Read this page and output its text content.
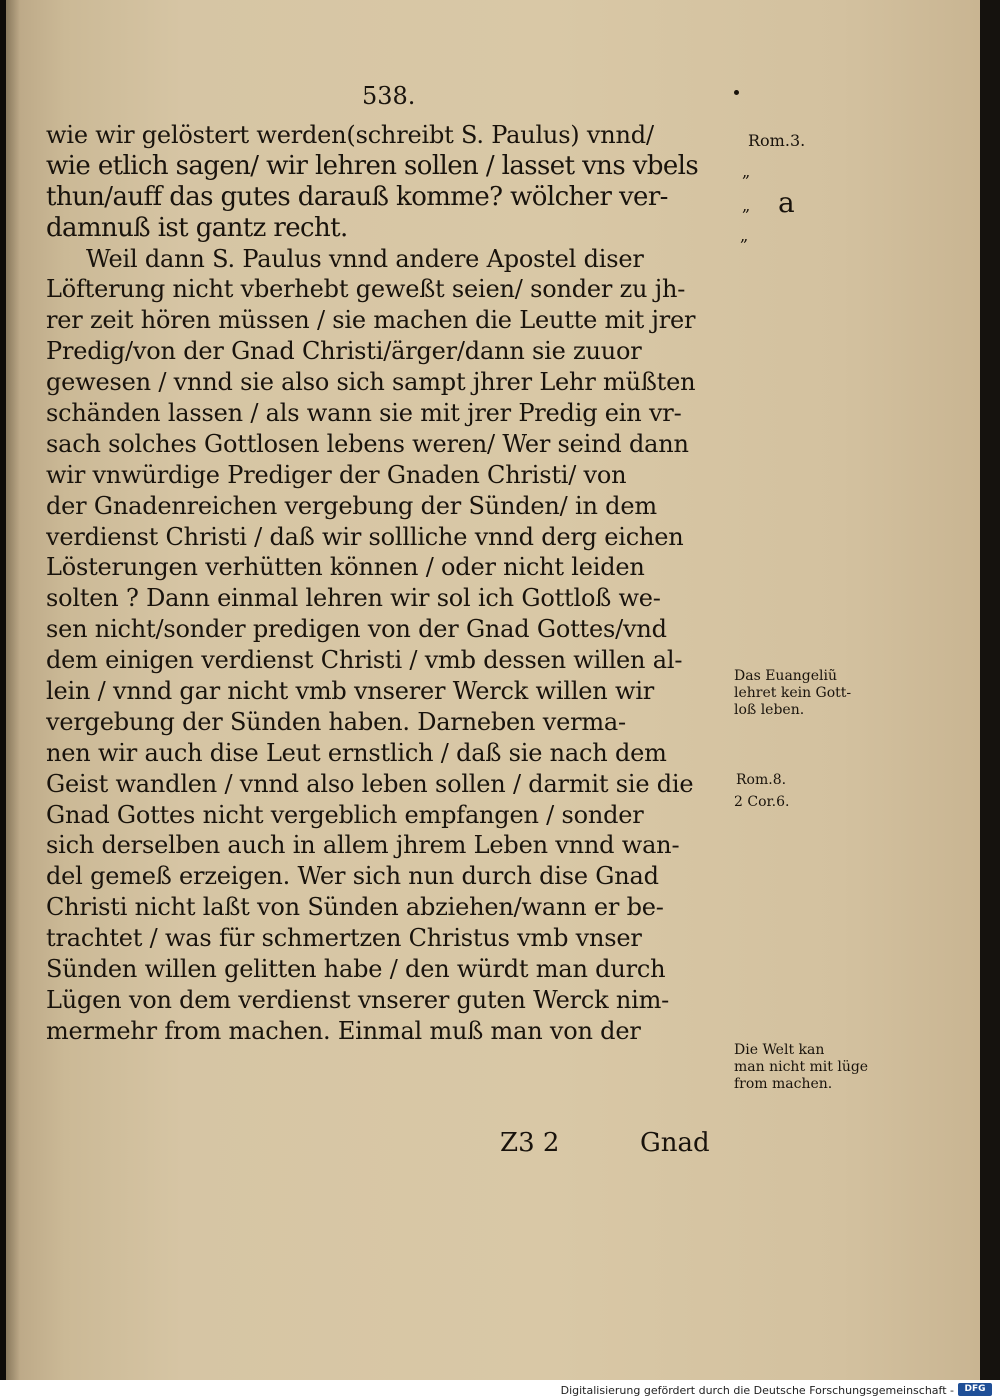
538.
wie wir gelöstert werden(schreibt S. Paulus) vnnd/
wie etlich sagen/ wir lehren sollen / lasset vns vbels
thun/auff das gutes darauß komme? wölcher ver-
damnuß ist gantz recht.
Weil dann S. Paulus vnnd andere Apostel diser
Löfterung nicht vberhebt geweßt seien/ sonder zu jh-
rer zeit hören müssen / sie machen die Leutte mit jrer
Predig/von der Gnad Christi/ärger/dann sie zuuor
gewesen / vnnd sie also sich sampt jhrer Lehr müßten
schänden lassen / als wann sie mit jrer Predig ein vr-
sach solches Gottlosen lebens weren/ Wer seind dann
wir vnwürdige Prediger der Gnaden Christi/ von
der Gnadenreichen vergebung der Sünden/ in dem
verdienst Christi / daß wir sollliche vnnd derg eichen
Lösterungen verhütten können / oder nicht leiden
solten ? Dann einmal lehren wir sol ich Gottloß we-
sen nicht/sonder predigen von der Gnad Gottes/vnd
dem einigen verdienst Christi / vmb dessen willen al-
lein / vnnd gar nicht vmb vnserer Werck willen wir
vergebung der Sünden haben. Darneben verma-
nen wir auch dise Leut ernstlich / daß sie nach dem
Geist wandlen / vnnd also leben sollen / darmit sie die
Gnad Gottes nicht vergeblich empfangen / sonder
sich derselben auch in allem jhrem Leben vnnd wan-
del gemeß erzeigen. Wer sich nun durch dise Gnad
Christi nicht laßt von Sünden abziehen/wann er be-
trachtet / was für schmertzen Christus vmb vnser
Sünden willen gelitten habe / den würdt man durch
Lügen von dem verdienst vnserer guten Werck nim-
mermehr from machen. Einmal muß man von der
Rom.3.
„
„
„
a
Das Euangeliũ
lehret kein Gott-
loß leben.
Rom.8.
2 Cor.6.
Die Welt kan
man nicht mit lüge
from machen.
Z3 2	Gnad
Digitalisierung gefördert durch die Deutsche Forschungsgemeinschaft -	DFG
